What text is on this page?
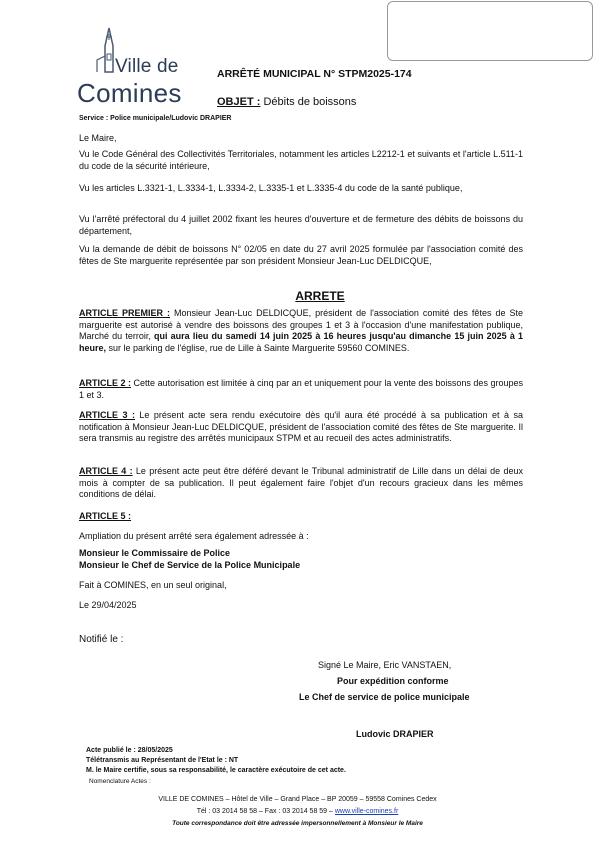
Ville de
Comines
ARRÊTÉ MUNICIPAL N° STPM2025-174
OBJET : Débits de boissons
Service : Police municipale/Ludovic DRAPIER
Le Maire,
Vu le Code Général des Collectivités Territoriales, notamment les articles L2212-1 et suivants et l'article L.511-1 du code de la sécurité intérieure,
Vu les articles L.3321-1, L.3334-1, L.3334-2, L.3335-1 et L.3335-4 du code de la santé publique,
Vu l'arrêté préfectoral du 4 juillet 2002 fixant les heures d'ouverture et de fermeture des débits de boissons du département,
Vu la demande de débit de boissons N° 02/05 en date du 27 avril 2025 formulée par l'association comité des fêtes de Ste marguerite représentée par son président Monsieur Jean-Luc DELDICQUE,
ARRETE
ARTICLE PREMIER : Monsieur Jean-Luc DELDICQUE, président de l'association comité des fêtes de Ste marguerite est autorisé à vendre des boissons des groupes 1 et 3 à l'occasion d'une manifestation publique, Marché du terroir, qui aura lieu du samedi 14 juin 2025 à 16 heures jusqu'au dimanche 15 juin 2025 à 1 heure, sur le parking de l'église, rue de Lille à Sainte Marguerite 59560 COMINES.
ARTICLE 2 : Cette autorisation est limitée à cinq par an et uniquement pour la vente des boissons des groupes 1 et 3.
ARTICLE 3 : Le présent acte sera rendu exécutoire dès qu'il aura été procédé à sa publication et à sa notification à Monsieur Jean-Luc DELDICQUE, président de l'association comité des fêtes de Ste marguerite. Il sera transmis au registre des arrêtés municipaux STPM et au recueil des actes administratifs.
ARTICLE 4 : Le présent acte peut être déféré devant le Tribunal administratif de Lille dans un délai de deux mois à compter de sa publication. Il peut également faire l'objet d'un recours gracieux dans les mêmes conditions de délai.
ARTICLE 5 :
Ampliation du présent arrêté sera également adressée à :
Monsieur le Commissaire de Police
Monsieur le Chef de Service de la Police Municipale
Fait à COMINES, en un seul original,
Le 29/04/2025
Notifié le :
Signé Le Maire, Eric VANSTAEN,
Pour expédition conforme
Le Chef de service de police municipale
Ludovic DRAPIER
Acte publié le : 28/05/2025
Télétransmis au Représentant de l'Etat le : NT
M. le Maire certifie, sous sa responsabilité, le caractère exécutoire de cet acte.
Nomenclature Actes :
VILLE DE COMINES – Hôtel de Ville – Grand Place – BP 20059 – 59558 Comines Cedex
Tél : 03 2014 58 58 – Fax : 03 2014 58 59 – www.ville-comines.fr
Toute correspondance doit être adressée impersonnellement à Monsieur le Maire
